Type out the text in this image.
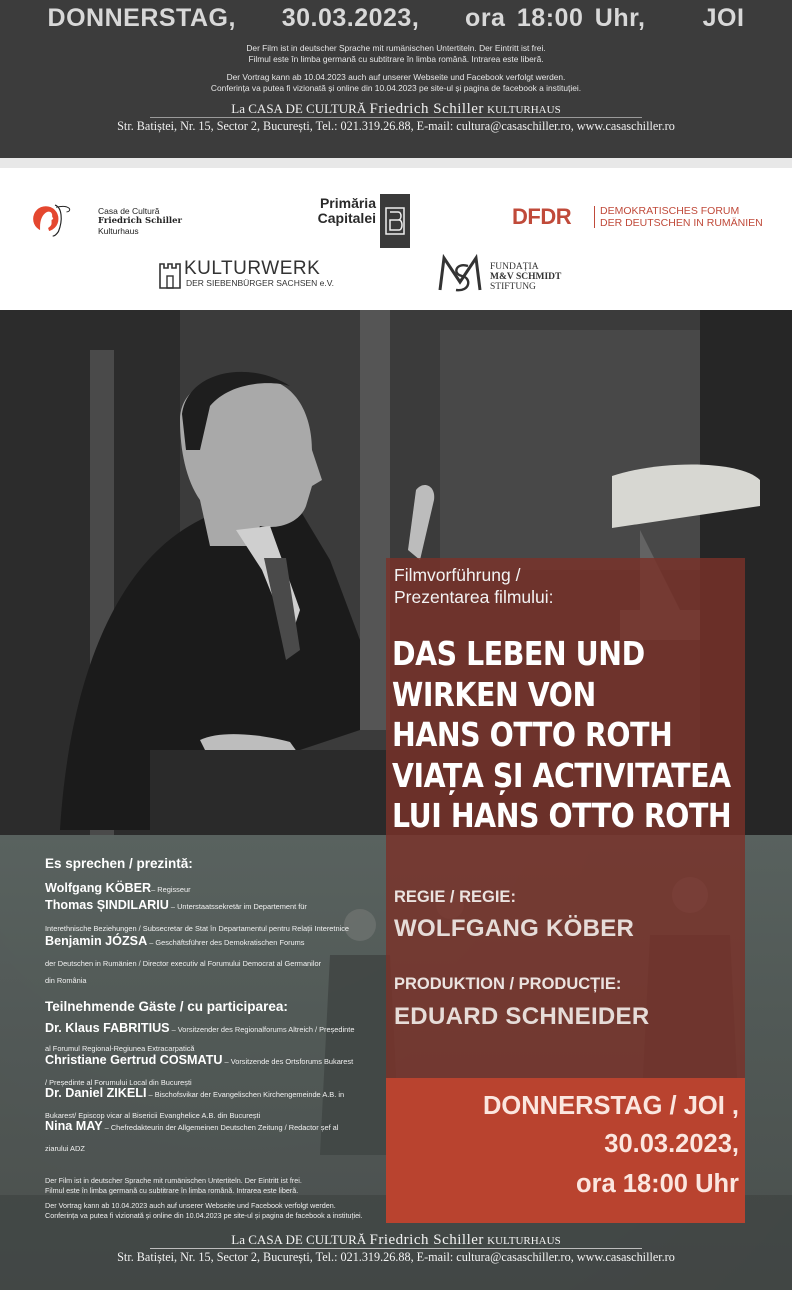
DONNERSTAG,    30.03.2023,    ora 18:00 Uhr,     JOI
Der Film ist in deutscher Sprache mit rumänischen Untertiteln. Der Eintritt ist frei.
Filmul este în limba germană cu subtitrare în limba română. Intrarea este liberă.
Der Vortrag kann ab 10.04.2023 auch auf unserer Webseite und Facebook verfolgt werden.
Conferința va putea fi vizionată și online din 10.04.2023 pe site-ul și pagina de facebook a instituției.
La CASA DE CULTURĂ Friedrich Schiller KULTURHAUS
Str. Batiștei, Nr. 15, Sector 2, București, Tel.: 021.319.26.88, E-mail: cultura@casaschiller.ro, www.casaschiller.ro
Casa de Cultură
Friedrich Schiller
Kulturhaus
Primăria
Capitalei	DFDR	DEMOKRATISCHES FORUM
DER DEUTSCHEN IN RUMÄNIEN
KULTURWERK
DER SIEBENBÜRGER SACHSEN e.V.
FUNDAȚIA
M&V SCHMIDT
STIFTUNG
Filmvorführung /
Prezentarea filmului:
DAS LEBEN UND
WIRKEN VON
HANS OTTO ROTH
VIAȚA ȘI ACTIVITATEA
LUI HANS OTTO ROTH
REGIE / REGIE:
WOLFGANG KÖBER
PRODUKTION / PRODUCȚIE:
EDUARD SCHNEIDER
DONNERSTAG / JOI ,
30.03.2023,
ora 18:00 Uhr
Es sprechen / prezintă:
Wolfgang KÖBER– Regisseur
Thomas ȘINDILARIU – Unterstaatssekretär im Departement für
Interethnische Beziehungen / Subsecretar de Stat în Departamentul pentru Relații Interetnice
Benjamin JÓZSA – Geschäftsführer des Demokratischen Forums
der Deutschen in Rumänien / Director executiv al Forumului Democrat al Germanilor
din România
Teilnehmende Gäste / cu participarea:
Dr. Klaus FABRITIUS – Vorsitzender des Regionalforums Altreich / Președinte
al Forumul Regional-Regiunea Extracarpatică
Christiane Gertrud COSMATU – Vorsitzende des Ortsforums Bukarest
/ Președinte al Forumului Local din București
Dr. Daniel ZIKELI – Bischofsvikar der Evangelischen Kirchengemeinde A.B. in
Bukarest/ Episcop vicar al Bisericii Evanghelice A.B. din București
Nina MAY – Chefredakteurin der Allgemeinen Deutschen Zeitung / Redactor șef al
ziarului ADZ
Der Film ist in deutscher Sprache mit rumänischen Untertiteln. Der Eintritt ist frei.
Filmul este în limba germană cu subtitrare în limba română. Intrarea este liberă.
Der Vortrag kann ab 10.04.2023 auch auf unserer Webseite und Facebook verfolgt werden.
Conferința va putea fi vizionată și online din 10.04.2023 pe site-ul și pagina de facebook a instituției.
La CASA DE CULTURĂ Friedrich Schiller KULTURHAUS
Str. Batiștei, Nr. 15, Sector 2, București, Tel.: 021.319.26.88, E-mail: cultura@casaschiller.ro, www.casaschiller.ro
